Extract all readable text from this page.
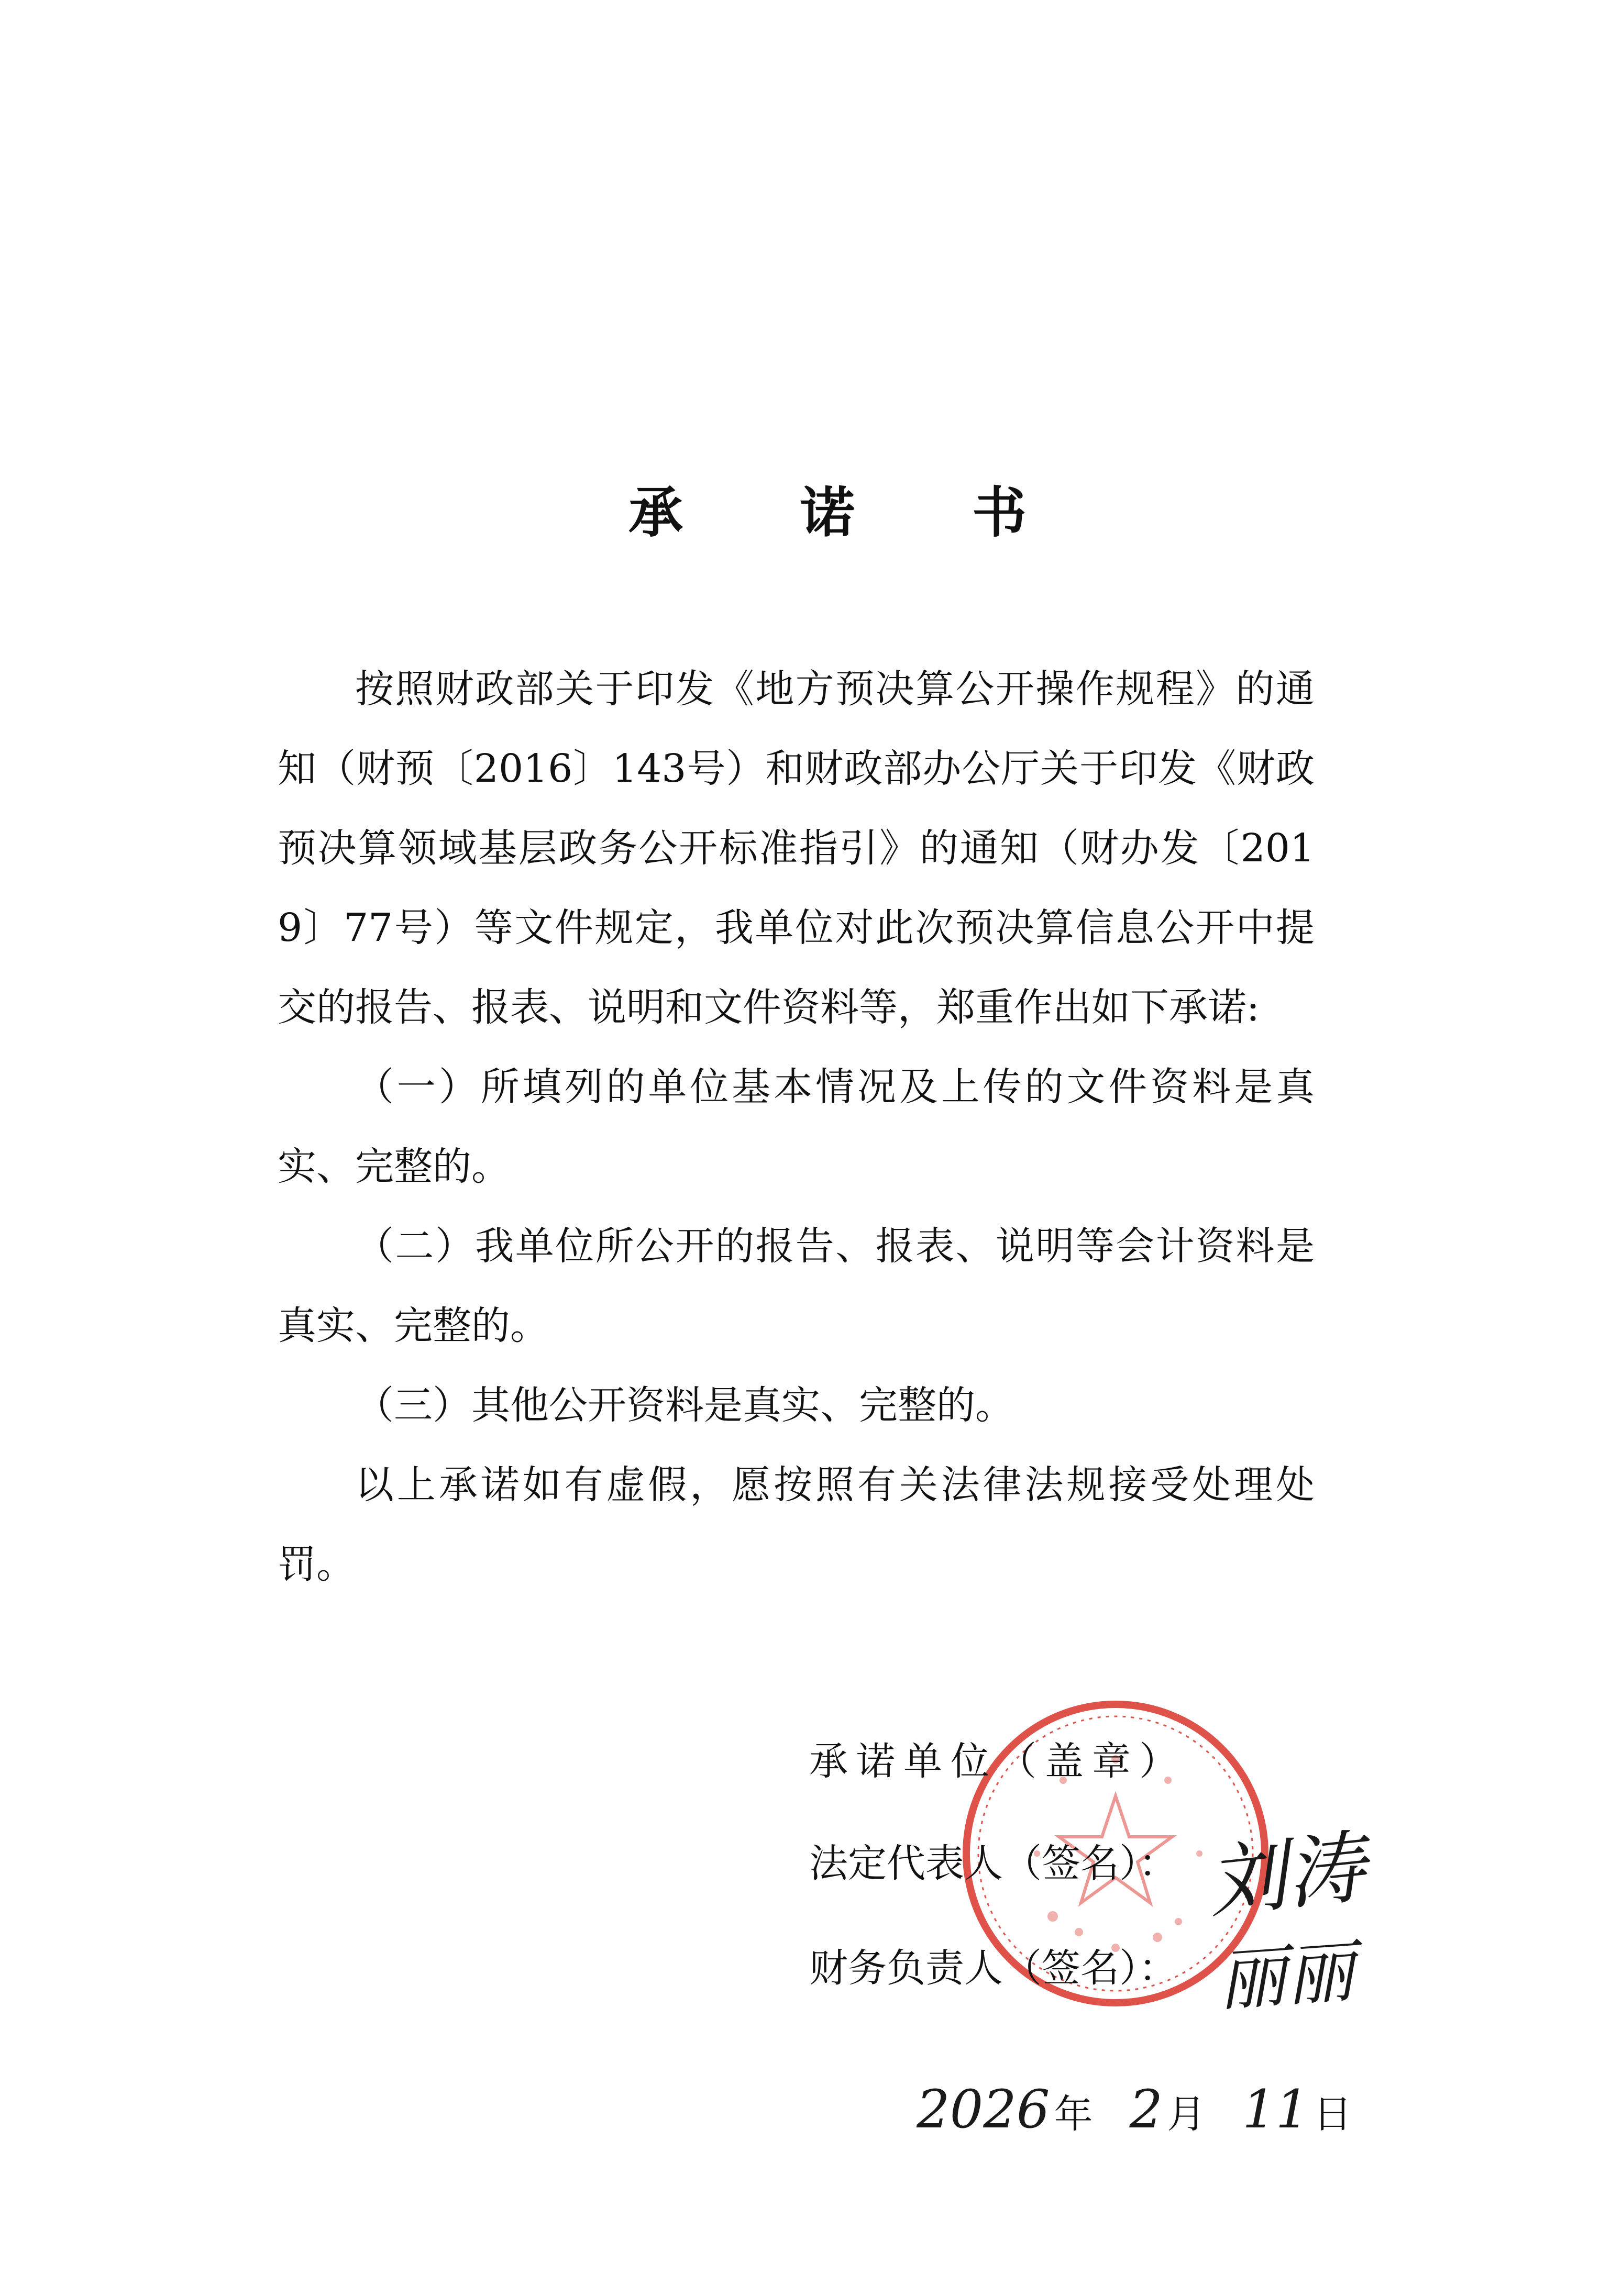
承 诺 书

按照财政部关于印发《地方预决算公开操作规程》的通知（财预〔2016〕143号）和财政部办公厅关于印发《财政预决算领域基层政务公开标准指引》的通知（财办发〔2019〕77号）等文件规定，我单位对此次预决算信息公开中提交的报告、报表、说明和文件资料等，郑重作出如下承诺:

（一）所填列的单位基本情况及上传的文件资料是真实、完整的。

（二）我单位所公开的报告、报表、说明等会计资料是真实、完整的。

（三）其他公开资料是真实、完整的。

以上承诺如有虚假，愿按照有关法律法规接受处理处罚。

承诺单位（盖章）
法定代表人（签名）： 刘涛
财务负责人（签名）： 丽丽
2026 年 2 月 11 日
